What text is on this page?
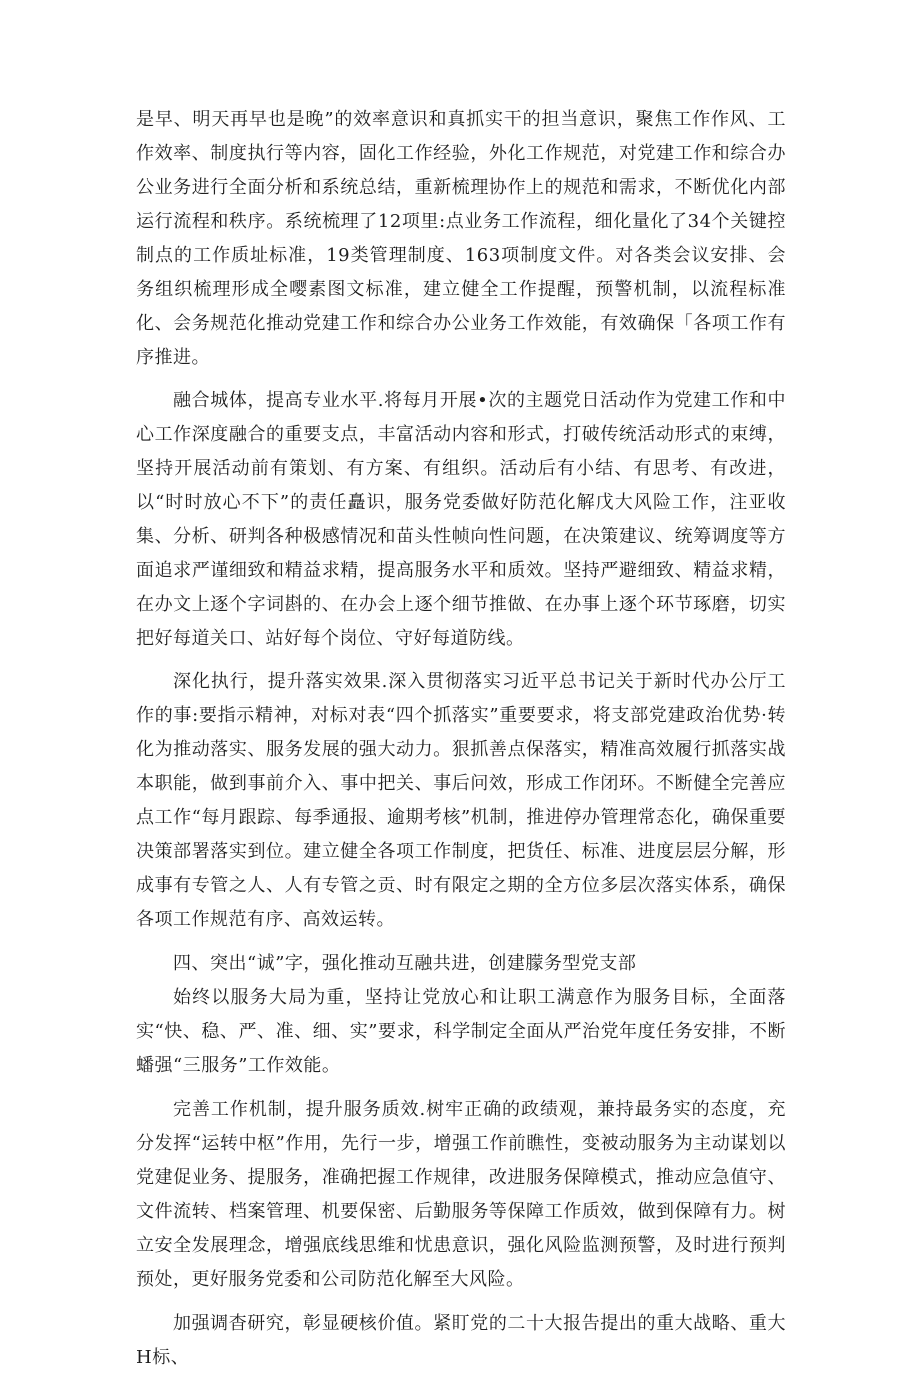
是早、明天再早也是晚”的效率意识和真抓实干的担当意识，聚焦工作作风、工作效率、制度执行等内容，固化工作经验，外化工作规范，对党建工作和综合办公业务进行全面分析和系统总结，重新梳理协作上的规范和需求，不断优化内部运行流程和秩序。系统梳理了12项里:点业务工作流程，细化量化了34个关键控制点的工作质址标准，19类管理制度、163项制度文件。对各类会议安排、会务组织梳理形成全嘤素图文标准，建立健全工作提醒，预警机制，以流程标准化、会务规范化推动党建工作和综合办公业务工作效能，有效确保「各项工作有序推进。

融合城体，提高专业水平.将每月开展•次的主题党日活动作为党建工作和中心工作深度融合的重要支点，丰富活动内容和形式，打破传统活动形式的束缚，坚持开展活动前有策划、有方案、有组织。活动后有小结、有思考、有改进，以“时时放心不下”的责任矗识，服务党委做好防范化解戊大风险工作，注亚收集、分析、研判各种极感情况和苗头性帧向性问题，在决策建议、统筹调度等方面追求严谨细致和精益求精，提高服务水平和质效。坚持严避细致、精益求精，在办文上逐个字词斟的、在办会上逐个细节推做、在办事上逐个环节琢磨，切实把好每道关口、站好每个岗位、守好每道防线。

深化执行，提升落实效果.深入贯彻落实习近平总书记关于新时代办公厅工作的事:要指示精神，对标对表“四个抓落实”重要要求，将支部党建政治优势·转化为推动落实、服务发展的强大动力。狠抓善点保落实，精准高效履行抓落实战本职能，做到事前介入、事中把关、事后问效，形成工作闭环。不断健全完善应点工作“每月跟踪、每季通报、逾期考核”机制，推进停办管理常态化，确保重要决策部署落实到位。建立健全各项工作制度，把货任、标准、进度层层分解，形成事有专管之人、人有专管之贡、时有限定之期的全方位多层次落实体系，确保各项工作规范有序、高效运转。

四、突出“诚”字，强化推动互融共进，创建朦务型党支部

始终以服务大局为重，坚持让党放心和让职工满意作为服务目标，全面落实“快、稳、严、准、细、实”要求，科学制定全面从严治党年度任务安排，不断蟠强“三服务”工作效能。

完善工作机制，提升服务质效.树牢正确的政绩观，兼持最务实的态度，充分发挥“运转中枢”作用，先行一步，增强工作前瞧性，变被动服务为主动谋划以党建促业务、提服务，准确把握工作规律，改进服务保障模式，推动应急值守、文件流转、档案管理、机要保密、后勤服务等保障工作质效，做到保障有力。树立安全发展理念，增强底线思维和忧患意识，强化风险监测预警，及时进行预判预处，更好服务党委和公司防范化解至大风险。

加强调杳研究，彰显硬核价值。紧盯党的二十大报告提出的重大战略、重大H标、
